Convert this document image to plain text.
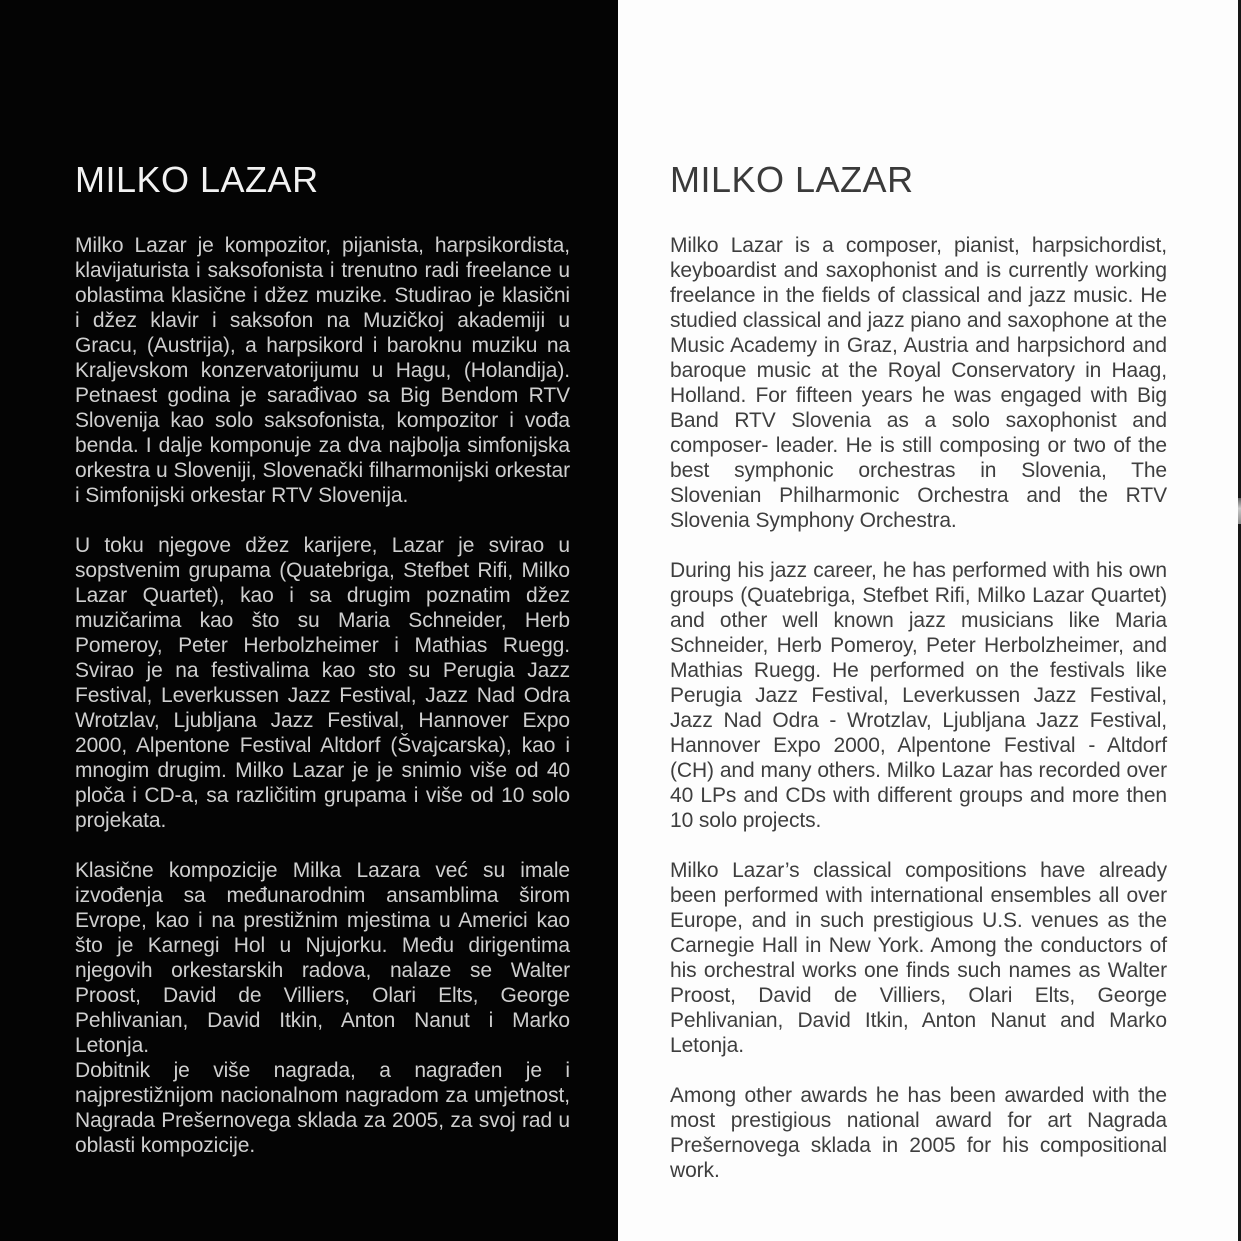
MILKO LAZAR

Milko Lazar je kompozitor, pijanista, harpsikordista, klavijaturista i saksofonista i trenutno radi freelance u oblastima klasične i džez muzike. Studirao je klasični i džez klavir i saksofon na Muzičkoj akademiji u Gracu, (Austrija), a harpsikord i baroknu muziku na Kraljevskom konzervatorijumu u Hagu, (Holandija). Petnaest godina je sarađivao sa Big Bendom RTV Slovenija kao solo saksofonista, kompozitor i vođa benda. I dalje komponuje za dva najbolja simfonijska orkestra u Sloveniji, Slovenački filharmonijski orkestar i Simfonijski orkestar RTV Slovenija.

U toku njegove džez karijere, Lazar je svirao u sopstvenim grupama (Quatebriga, Stefbet Rifi, Milko Lazar Quartet), kao i sa drugim poznatim džez muzičarima kao što su Maria Schneider, Herb Pomeroy, Peter Herbolzheimer i Mathias Ruegg. Svirao je na festivalima kao sto su Perugia Jazz Festival, Leverkussen Jazz Festival, Jazz Nad Odra Wrotzlav, Ljubljana Jazz Festival, Hannover Expo 2000, Alpentone Festival Altdorf (Švajcarska), kao i mnogim drugim. Milko Lazar je je snimio više od 40 ploča i CD-a, sa različitim grupama i više od 10 solo projekata.

Klasične kompozicije Milka Lazara već su imale izvođenja sa međunarodnim ansamblima širom Evrope, kao i na prestižnim mjestima u Americi kao što je Karnegi Hol u Njujorku. Među dirigentima njegovih orkestarskih radova, nalaze se Walter Proost, David de Villiers, Olari Elts, George Pehlivanian, David Itkin, Anton Nanut i Marko Letonja.

Dobitnik je više nagrada, a nagrađen je i najprestižnijom nacionalnom nagradom za umjetnost, Nagrada Prešernovega sklada za 2005, za svoj rad u oblasti kompozicije.

MILKO LAZAR

Milko Lazar is a composer, pianist, harpsichordist, keyboardist and saxophonist and is currently working freelance in the fields of classical and jazz music. He studied classical and jazz piano and saxophone at the Music Academy in Graz, Austria and harpsichord and baroque music at the Royal Conservatory in Haag, Holland. For fifteen years he was engaged with Big Band RTV Slovenia as a solo saxophonist and composer- leader. He is still composing or two of the best symphonic orchestras in Slovenia, The Slovenian Philharmonic Orchestra and the RTV Slovenia Symphony Orchestra.

During his jazz career, he has performed with his own groups (Quatebriga, Stefbet Rifi, Milko Lazar Quartet) and other well known jazz musicians like Maria Schneider, Herb Pomeroy, Peter Herbolzheimer, and Mathias Ruegg. He performed on the festivals like Perugia Jazz Festival, Leverkussen Jazz Festival, Jazz Nad Odra - Wrotzlav, Ljubljana Jazz Festival, Hannover Expo 2000, Alpentone Festival - Altdorf (CH) and many others. Milko Lazar has recorded over 40 LPs and CDs with different groups and more then 10 solo projects.

Milko Lazar’s classical compositions have already been performed with international ensembles all over Europe, and in such prestigious U.S. venues as the Carnegie Hall in New York. Among the conductors of his orchestral works one finds such names as Walter Proost, David de Villiers, Olari Elts, George Pehlivanian, David Itkin, Anton Nanut and Marko Letonja.

Among other awards he has been awarded with the most prestigious national award for art Nagrada Prešernovega sklada in 2005 for his compositional work.
